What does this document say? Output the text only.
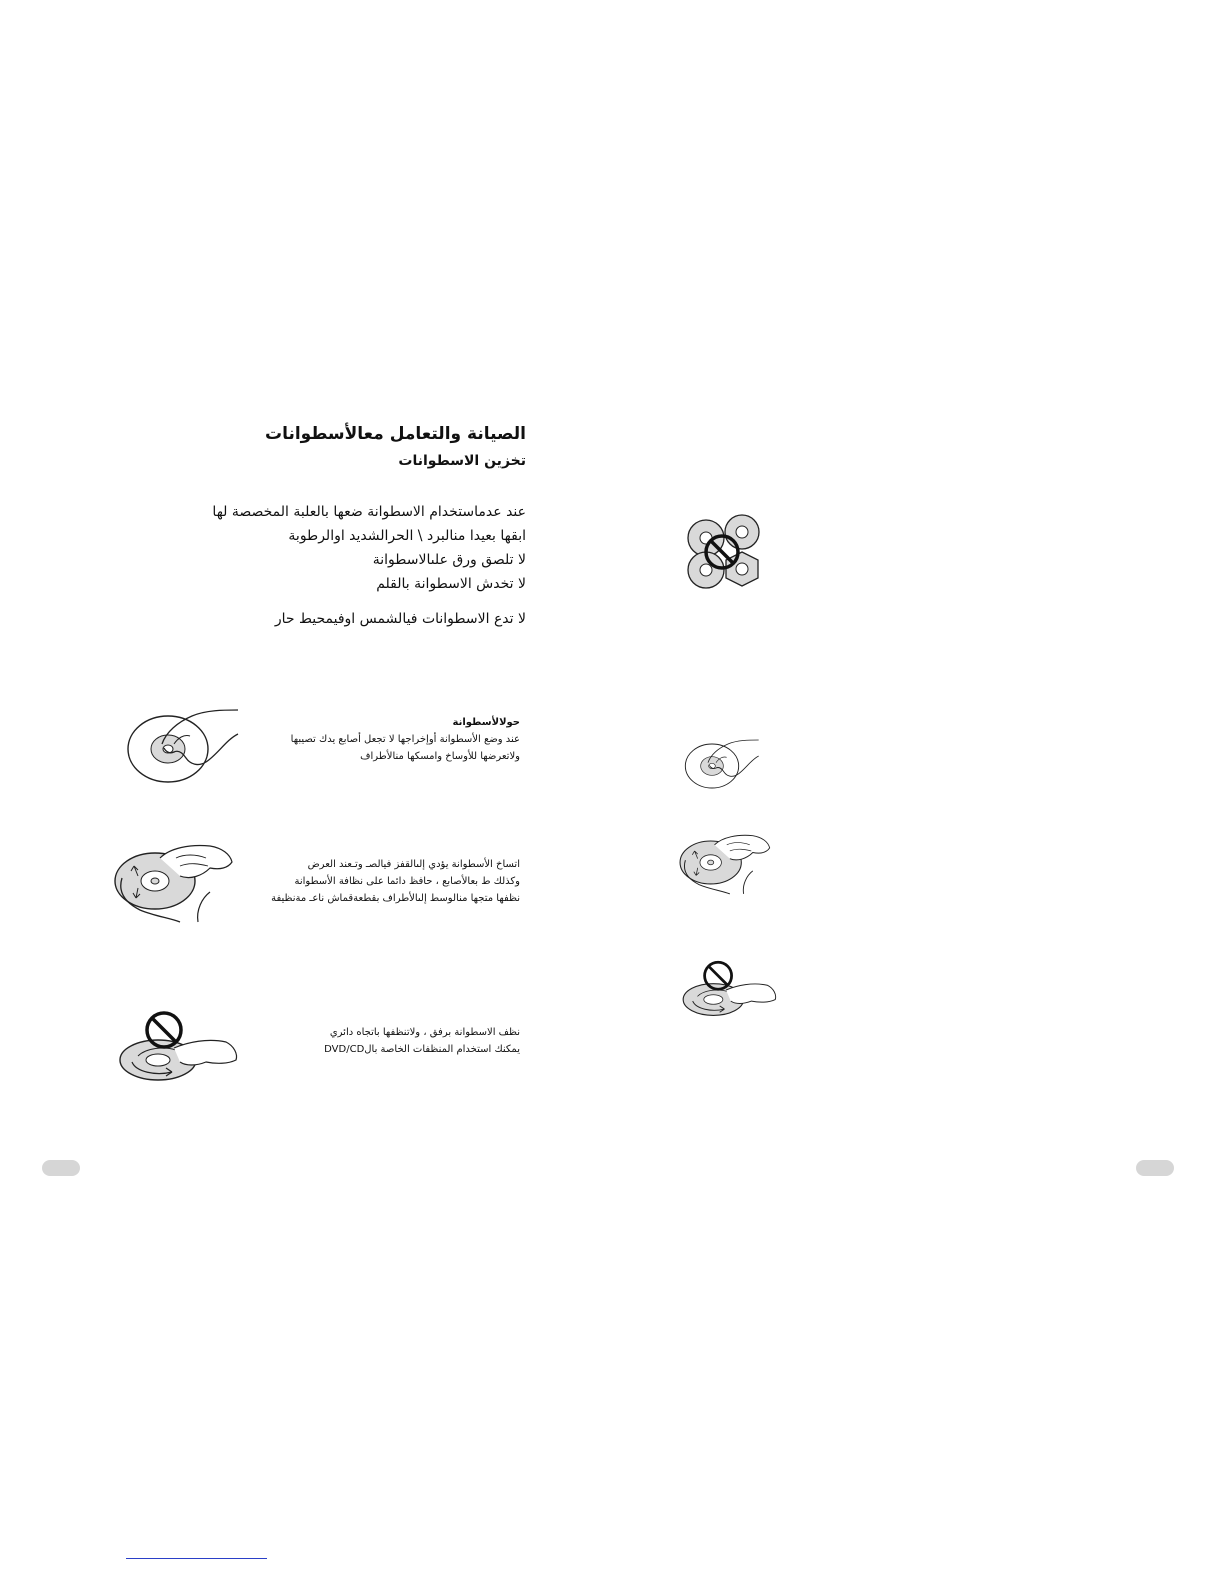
الصيانة والتعامل معالأسطوانات
تخزين الاسطوانات
عند عدماستخدام الاسطوانة ضعها بالعلبة المخصصة لها
ابقها بعيدا منالبرد \ الحرالشديد اوالرطوبة
لا تلصق ورق علىالاسطوانة
لا تخدش الاسطوانة بالقلم
لا تدع الاسطوانات فيالشمس اوفيمحيط حار
حولالأسطوانة
عند وضع الأسطوانة أوإخراجها لا تجعل أصابع يدك تصيبها
ولاتعرضها للأوساخ وامسكها منالأطراف
اتساخ الأسطوانة يؤدي إلىالقفز فيالصـ وتـعند العرض
وكذلك ط بعالأصابع ، حافظ دائما على نظافة الأسطوانة
نظفها متجها منالوسط إلىالأطراف بقطعةقماش ناعـ مةنظيفة
نظف الاسطوانة برفق ، ولاتنظفها باتجاه دائري
يمكنك استخدام المنظفات الخاصة بالDVD/CD
